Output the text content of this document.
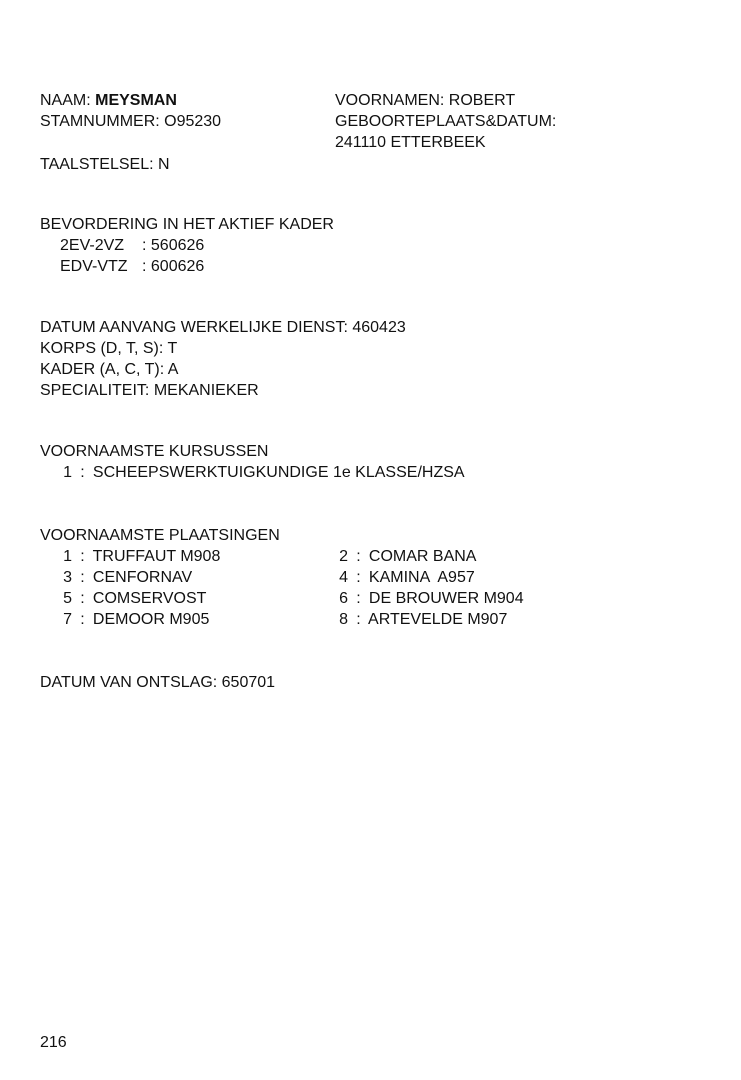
NAAM: MEYSMAN
STAMNUMMER: O95230
TAALSTELSEL: N
VOORNAMEN: ROBERT
GEBOORTEPLAATS&DATUM:
241110 ETTERBEEK
BEVORDERING IN HET AKTIEF KADER
2EV-2VZ : 560626
EDV-VTZ : 600626
DATUM AANVANG WERKELIJKE DIENST: 460423
KORPS (D, T, S): T
KADER (A, C, T): A
SPECIALITEIT: MEKANIEKER
VOORNAAMSTE KURSUSSEN
1 : SCHEEPSWERKTUIGKUNDIGE 1e KLASSE/HZSA
VOORNAAMSTE PLAATSINGEN
1 : TRUFFAUT M908
3 : CENFORNAV
5 : COMSERVOST
7 : DEMOOR M905
2 : COMAR BANA
4 : KAMINA  A957
6 : DE BROUWER M904
8 : ARTEVELDE M907
DATUM VAN ONTSLAG: 650701
216
